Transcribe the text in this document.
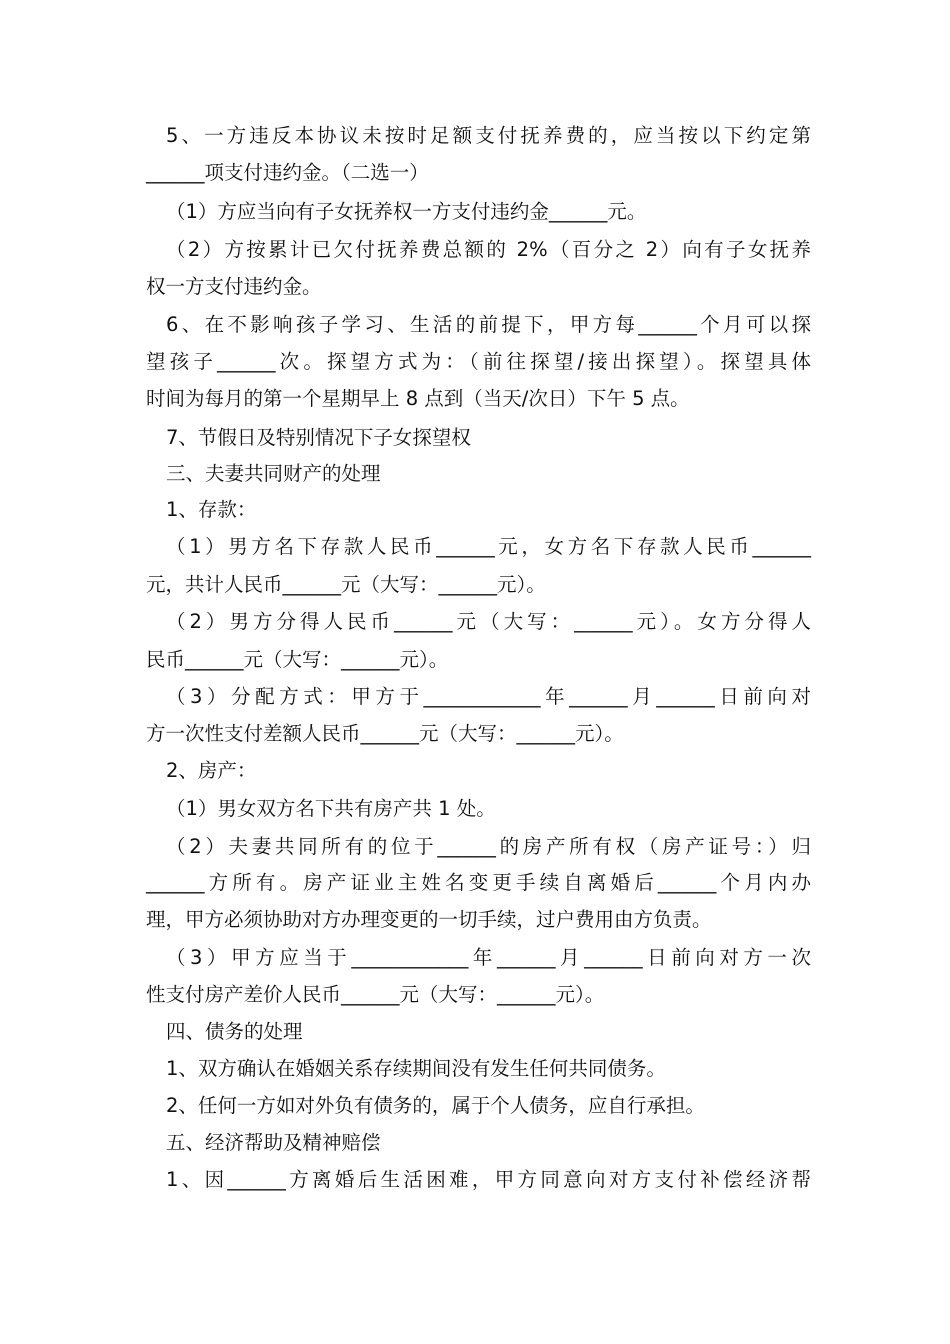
5、一方违反本协议未按时足额支付抚养费的，应当按以下约定第
______项支付违约金。（二选一）
（1）方应当向有子女抚养权一方支付违约金______元。
（2）方按累计已欠付抚养费总额的 2%（百分之 2）向有子女抚养
权一方支付违约金。
6、在不影响孩子学习、生活的前提下，甲方每______个月可以探
望孩子______次。探望方式为：（前往探望/接出探望）。探望具体
时间为每月的第一个星期早上 8 点到（当天/次日）下午 5 点。
7、节假日及特别情况下子女探望权
三、夫妻共同财产的处理
1、存款：
（1）男方名下存款人民币______元，女方名下存款人民币______
元，共计人民币______元（大写：______元）。
（2）男方分得人民币______元（大写：______元）。女方分得人
民币______元（大写：______元）。
（3）分配方式：甲方于____________年______月______日前向对
方一次性支付差额人民币______元（大写：______元）。
2、房产：
（1）男女双方名下共有房产共 1 处。
（2）夫妻共同所有的位于______的房产所有权（房产证号：）归
______方所有。房产证业主姓名变更手续自离婚后______个月内办
理，甲方必须协助对方办理变更的一切手续，过户费用由方负责。
（3）甲方应当于____________年______月______日前向对方一次
性支付房产差价人民币______元（大写：______元）。
四、债务的处理
1、双方确认在婚姻关系存续期间没有发生任何共同债务。
2、任何一方如对外负有债务的，属于个人债务，应自行承担。
五、经济帮助及精神赔偿
1、因______方离婚后生活困难，甲方同意向对方支付补偿经济帮
